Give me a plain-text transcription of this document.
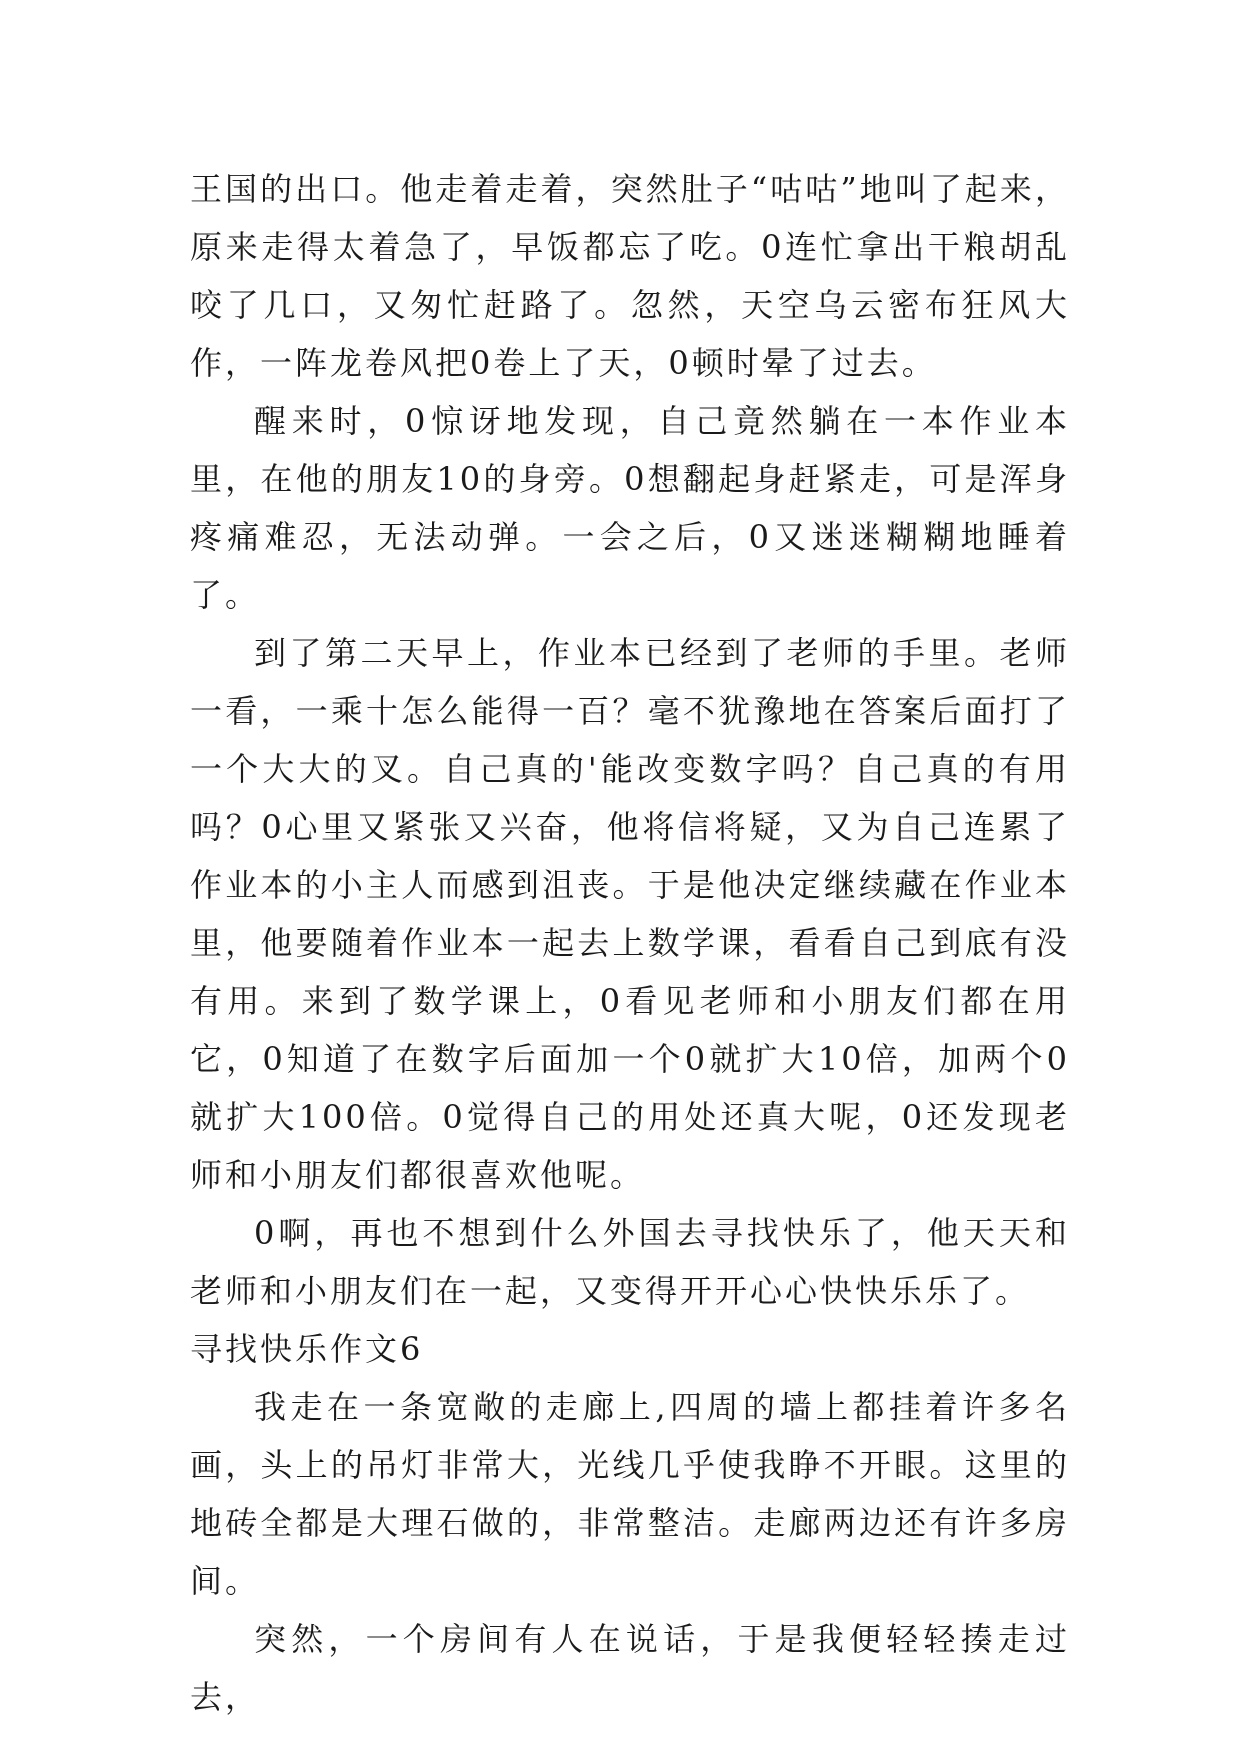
王国的出口。他走着走着，突然肚子“咕咕”地叫了起来，原来走得太着急了，早饭都忘了吃。0连忙拿出干粮胡乱咬了几口，又匆忙赶路了。忽然，天空乌云密布狂风大作，一阵龙卷风把0卷上了天，0顿时晕了过去。

醒来时，0惊讶地发现，自己竟然躺在一本作业本里，在他的朋友10的身旁。0想翻起身赶紧走，可是浑身疼痛难忍，无法动弹。一会之后，0又迷迷糊糊地睡着了。

到了第二天早上，作业本已经到了老师的手里。老师一看，一乘十怎么能得一百？毫不犹豫地在答案后面打了一个大大的叉。自己真的'能改变数字吗？自己真的有用吗？0心里又紧张又兴奋，他将信将疑，又为自己连累了作业本的小主人而感到沮丧。于是他决定继续藏在作业本里，他要随着作业本一起去上数学课，看看自己到底有没有用。来到了数学课上，0看见老师和小朋友们都在用它，0知道了在数字后面加一个0就扩大10倍，加两个0就扩大100倍。0觉得自己的用处还真大呢，0还发现老师和小朋友们都很喜欢他呢。

0啊，再也不想到什么外国去寻找快乐了，他天天和老师和小朋友们在一起，又变得开开心心快快乐乐了。

寻找快乐作文6

我走在一条宽敞的走廊上,四周的墙上都挂着许多名画，头上的吊灯非常大，光线几乎使我睁不开眼。这里的地砖全都是大理石做的，非常整洁。走廊两边还有许多房间。

突然，一个房间有人在说话，于是我便轻轻揍走过去，
